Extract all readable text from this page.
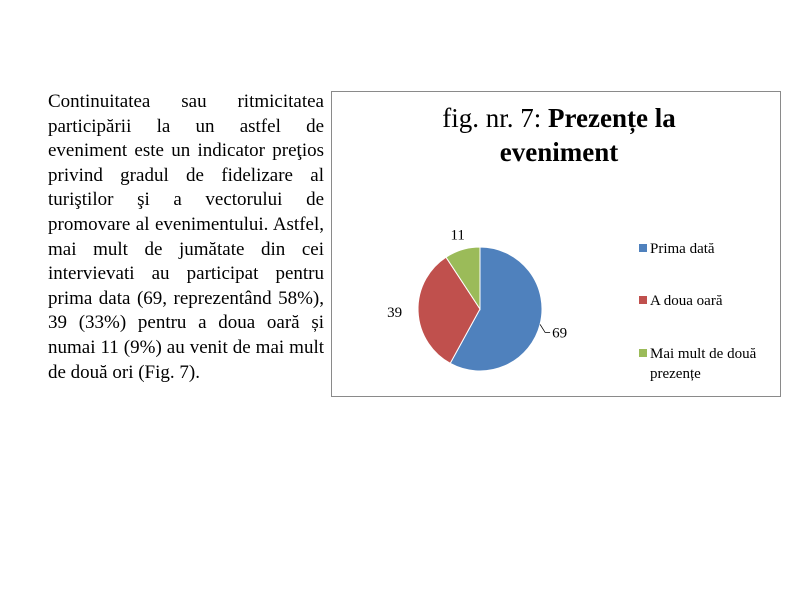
Continuitatea sau ritmicitatea participării la un astfel de eveniment este un indicator preţios privind gradul de fidelizare al turiştilor şi a vectorului de promovare al evenimentului. Astfel, mai mult de jumătate din cei intervievati au participat pentru prima data (69, reprezentând 58%), 39 (33%) pentru a doua oară și numai 11 (9%) au venit de mai mult de două ori (Fig. 7).
fig. nr. 7: Prezențe la
eveniment
69
39
11
Prima dată
A doua oară
Mai mult de două
prezențe
